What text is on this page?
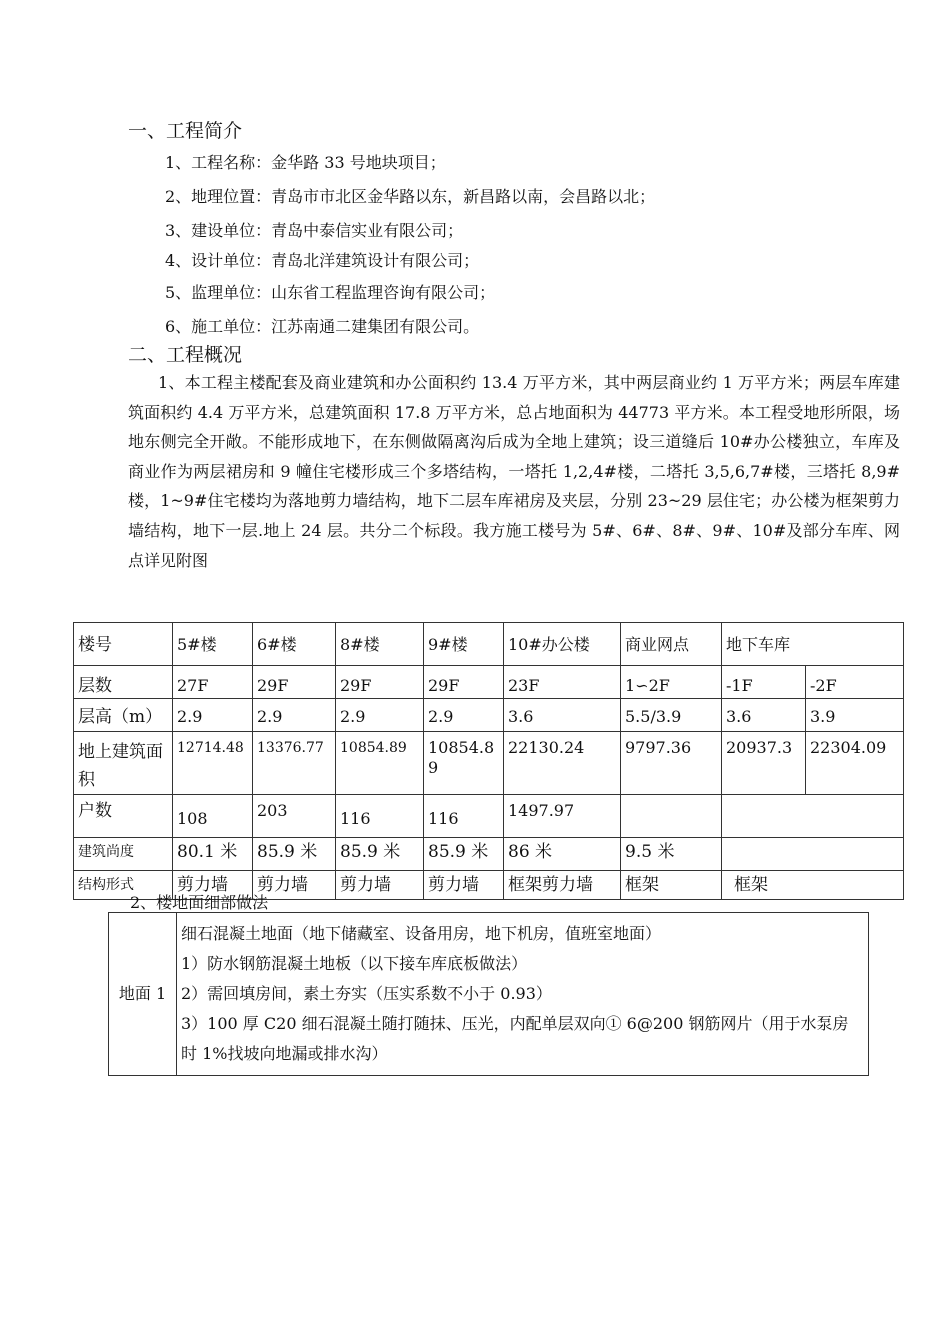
一、工程简介
1、工程名称：金华路 33 号地块项目；
2、地理位置：青岛市市北区金华路以东，新昌路以南，会昌路以北；
3、建设单位：青岛中泰信实业有限公司；
4、设计单位：青岛北洋建筑设计有限公司；
5、监理单位：山东省工程监理咨询有限公司；
6、施工单位：江苏南通二建集团有限公司。
二、工程概况

1、本工程主楼配套及商业建筑和办公面积约 13.4 万平方米，其中两层商业约 1 万平方米；两层车库建筑面积约 4.4 万平方米，总建筑面积 17.8 万平方米，总占地面积为 44773 平方米。本工程受地形所限，场地东侧完全开敞。不能形成地下，在东侧做隔离沟后成为全地上建筑；设三道缝后 10#办公楼独立，车库及商业作为两层裙房和 9 幢住宅楼形成三个多塔结构，一塔托 1,2,4#楼，二塔托 3,5,6,7#楼，三塔托 8,9#楼，1~9#住宅楼均为落地剪力墙结构，地下二层车库裙房及夹层，分别 23~29 层住宅；办公楼为框架剪力墙结构，地下一层.地上 24 层。共分二个标段。我方施工楼号为 5#、6#、8#、9#、10#及部分车库、网点详见附图

楼号	5#楼	6#楼	8#楼	9#楼	10#办公楼	商业网点	地下车库	
层数	27F	29F	29F	29F	23F	1∽2F	-1F	-2F
层高（m）	2.9	2.9	2.9	2.9	3.6	5.5/3.9	3.6	3.9
地上建筑面积	12714.48	13376.77	10854.89	10854.89	22130.24	9797.36	20937.3	22304.09
户数	108	203	116	116	1497.97			
建筑尚度	80.1 米	85.9 米	85.9 米	85.9 米	86 米	9.5 米		
结构形式	剪力墙	剪力墙	剪力墙	剪力墙	框架剪力墙	框架	框架	
2、楼地面细部做法
地面 1	
细石混凝土地面（地下储藏室、设备用房，地下机房，值班室地面）
1）防水钢筋混凝土地板（以下接车库底板做法）
2）需回填房间，素土夯实（压实系数不小于 0.93）
3）100 厚 C20 细石混凝土随打随抹、压光，内配单层双向① 6@200 钢筋网片（用于水泵房时 1%找坡向地漏或排水沟）
